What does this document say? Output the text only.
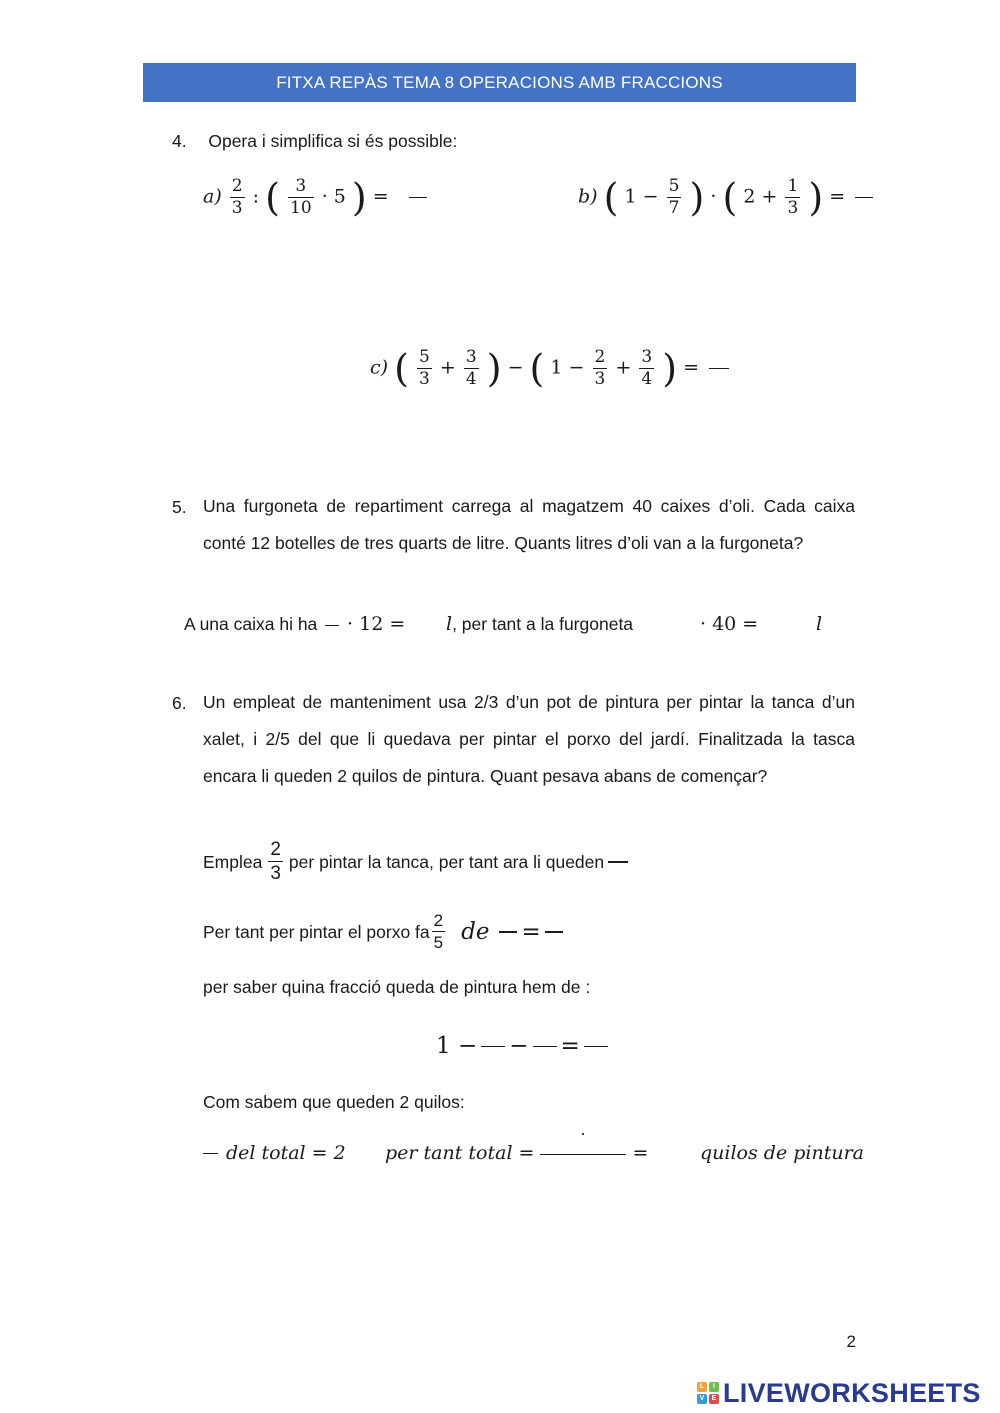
FITXA REPÀS TEMA 8 OPERACIONS AMB FRACCIONS
4. Opera i simplifica si és possible:
$a) \frac{2}{3}$ : ( $\frac{3}{10} \cdot 5$ ) =	b) ( $1 - \frac{5}{7}$ ) · ( $2 + \frac{1}{3}$ ) =
c) ( $\frac{5}{3} + \frac{3}{4}$ ) − ( $1 - \frac{2}{3} + \frac{3}{4}$ ) =
5. Una furgoneta de repartiment carrega al magatzem 40 caixes d’oli. Cada caixa conté 12 botelles de tres quarts de litre. Quants litres d’oli van a la furgoneta?
A una caixa hi ha · 12 = l, per tant a la furgoneta	· 40 =	l
6. Un empleat de manteniment usa 2/3 d’un pot de pintura per pintar la tanca d’un xalet, i 2/5 del que li quedava per pintar el porxo del jardí. Finalitzada la tasca encara li queden 2 quilos de pintura. Quant pesava abans de començar?
Emplea $\frac{2}{3}$ per pintar la tanca, per tant ara li queden
Per tant per pintar el porxo fa $\frac{2}{5}$ de =
per saber quina fracció queda de pintura hem de :
1 − − =
Com sabem que queden 2 quilos:
del total = 2 per tant total =
.
=	quilos de pintura
2
L	I
V	E LIVEWORKSHEETS
